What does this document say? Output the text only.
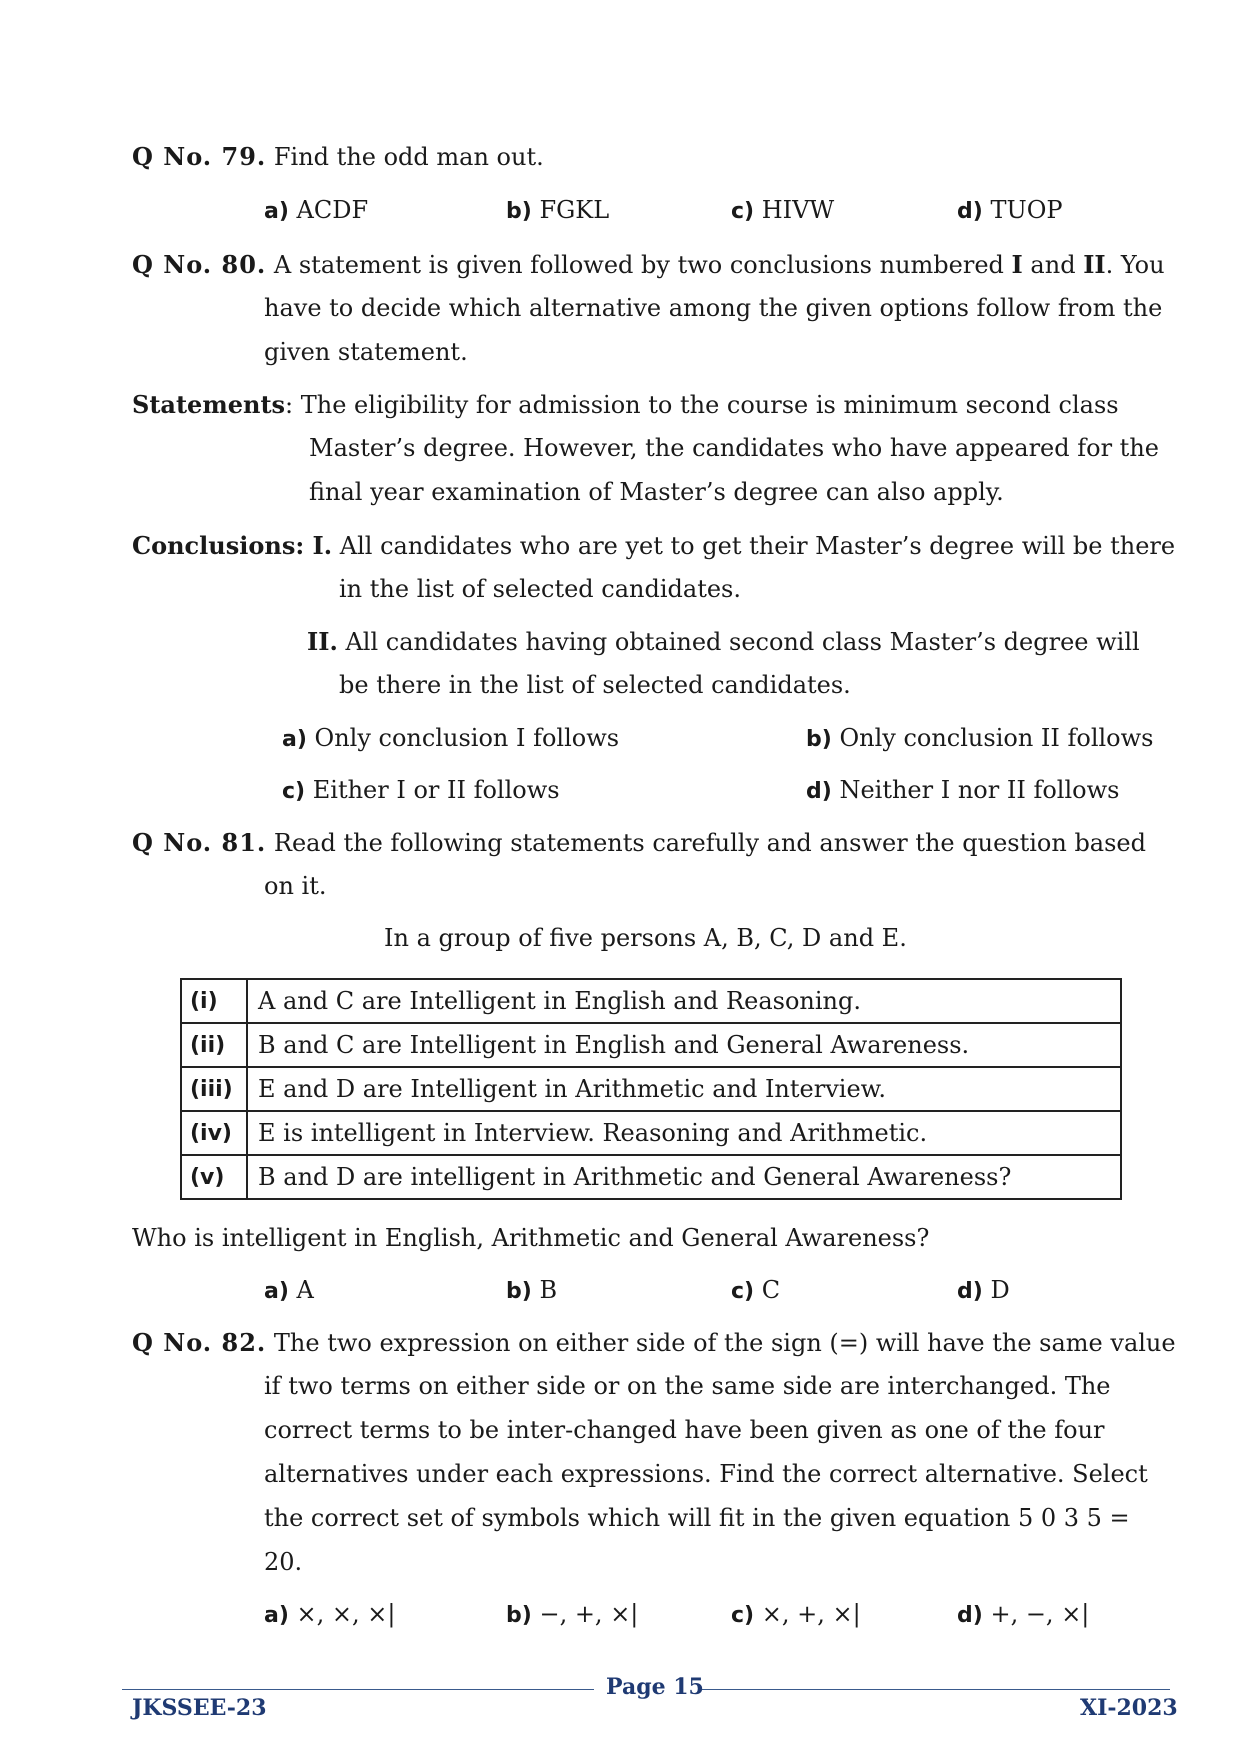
Q No. 79. Find the odd man out.
a) ACDF	b) FGKL	c) HIVW	d) TUOP
Q No. 80. A statement is given followed by two conclusions numbered I and II. You
have to decide which alternative among the given options follow from the
given statement.
Statements: The eligibility for admission to the course is minimum second class
Master’s degree. However, the candidates who have appeared for the
final year examination of Master’s degree can also apply.
Conclusions: I. All candidates who are yet to get their Master’s degree will be there
in the list of selected candidates.
II. All candidates having obtained second class Master’s degree will
be there in the list of selected candidates.
a) Only conclusion I follows	b) Only conclusion II follows
c) Either I or II follows	d) Neither I nor II follows
Q No. 81. Read the following statements carefully and answer the question based
on it.
In a group of five persons A, B, C, D and E.
(i)	A and C are Intelligent in English and Reasoning.
(ii)	B and C are Intelligent in English and General Awareness.
(iii)	E and D are Intelligent in Arithmetic and Interview.
(iv)	E is intelligent in Interview. Reasoning and Arithmetic.
(v)	B and D are intelligent in Arithmetic and General Awareness?
Who is intelligent in English, Arithmetic and General Awareness?
a) A	b) B	c) C	d) D
Q No. 82. The two expression on either side of the sign (=) will have the same value
if two terms on either side or on the same side are interchanged. The
correct terms to be inter-changed have been given as one of the four
alternatives under each expressions. Find the correct alternative. Select
the correct set of symbols which will fit in the given equation 5 0 3 5 =
20.
a) ×, ×, ×|	b) −, +, ×|	c) ×, +, ×|	d) +, −, ×|
JKSSEE-23
Page 15
XI-2023
